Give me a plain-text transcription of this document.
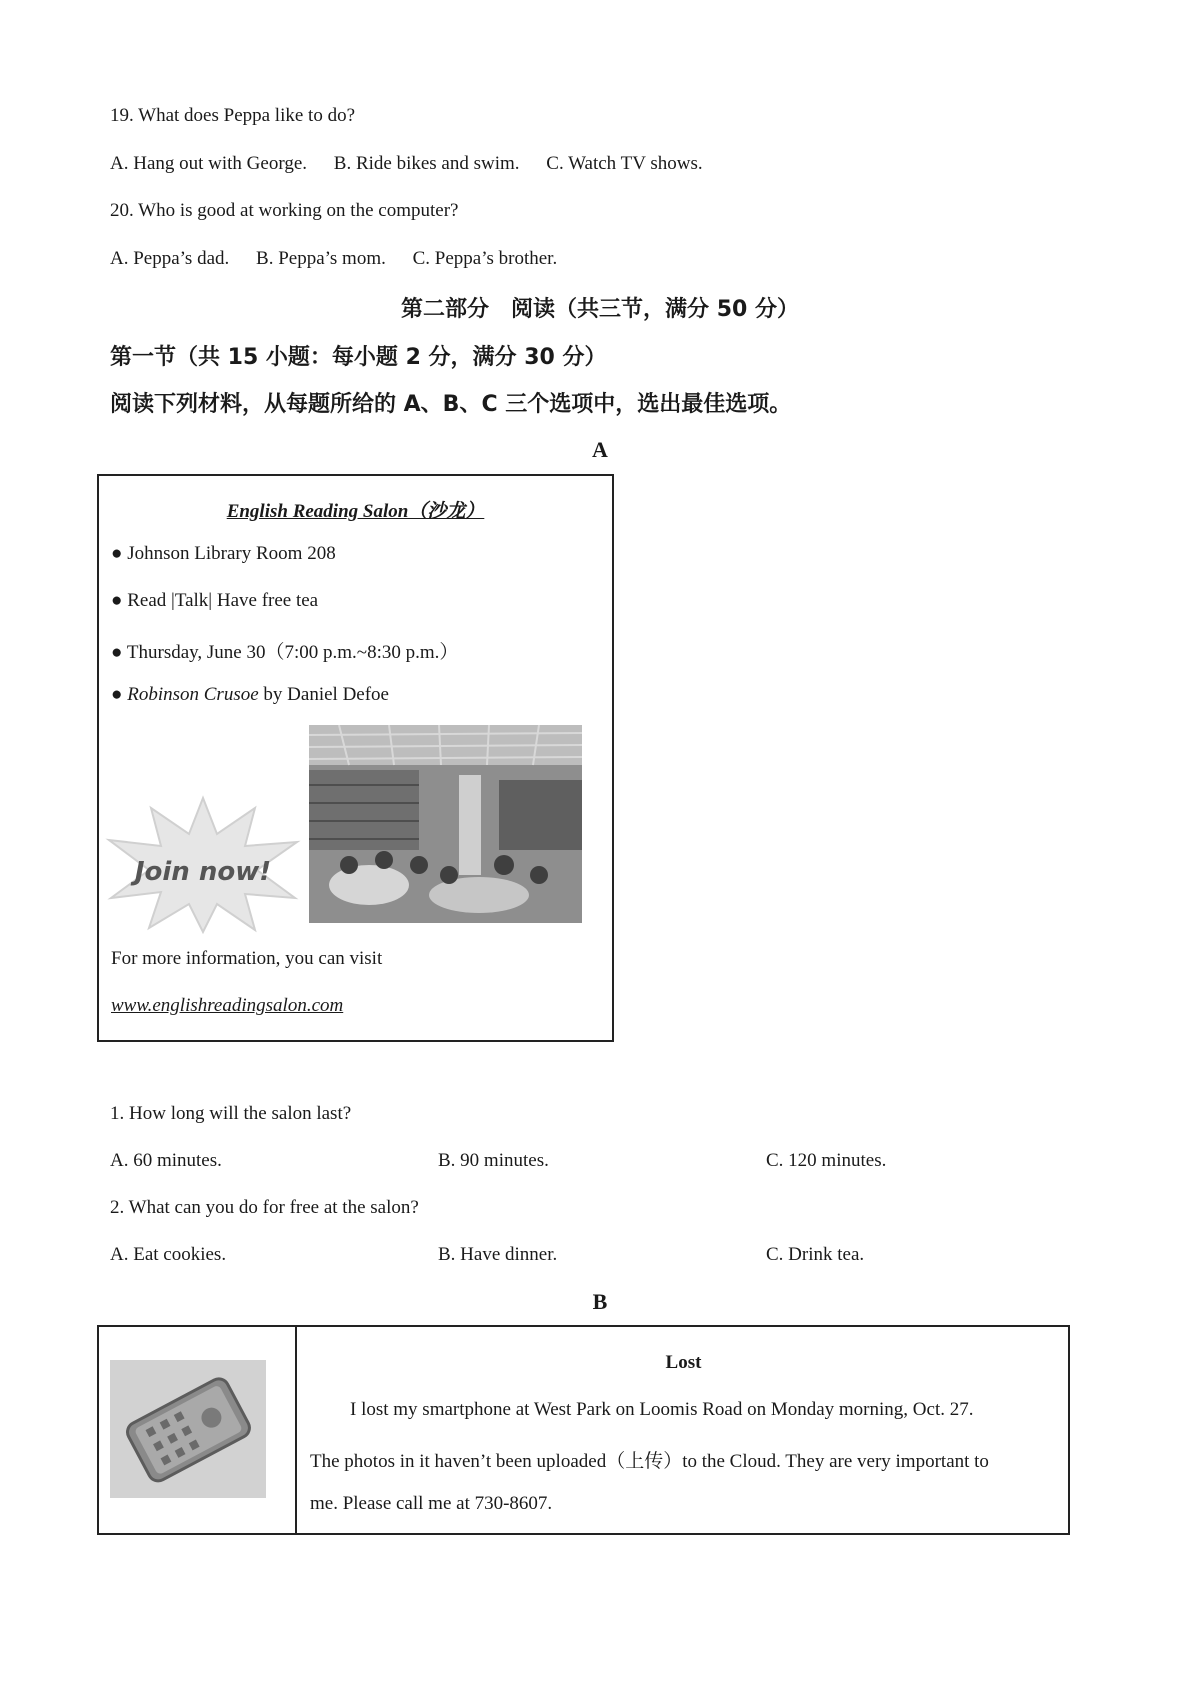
19. What does Peppa like to do?
A. Hang out with George. B. Ride bikes and swim. C. Watch TV shows.
20. Who is good at working on the computer?
A. Peppa’s dad. B. Peppa’s mom. C. Peppa’s brother.
第二部分　阅读（共三节，满分 50 分）
第一节（共 15 小题：每小题 2 分，满分 30 分）
阅读下列材料，从每题所给的 A、B、C 三个选项中，选出最佳选项。
A
English Reading Salon（沙龙）
● Johnson Library Room 208
● Read |Talk| Have free tea
● Thursday, June 30（7:00 p.m.~8:30 p.m.）
● Robinson Crusoe by Daniel Defoe
Join now!
For more information, you can visit
www.englishreadingsalon.com
1. How long will the salon last?
A. 60 minutes.	B. 90 minutes.	C. 120 minutes.
2. What can you do for free at the salon?
A. Eat cookies.	B. Have dinner.	C. Drink tea.
B
Lost
I lost my smartphone at West Park on Loomis Road on Monday morning, Oct. 27.
The photos in it haven’t been uploaded（上传）to the Cloud. They are very important to
me. Please call me at 730-8607.
